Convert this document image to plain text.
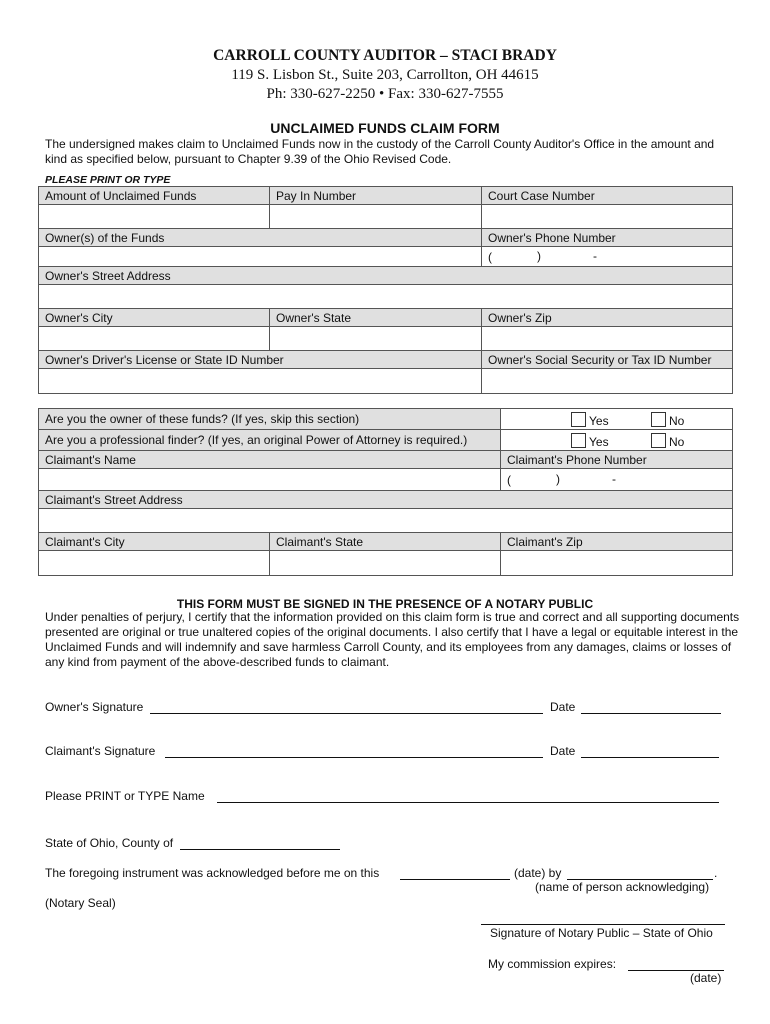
CARROLL COUNTY AUDITOR – STACI BRADY
119 S. Lisbon St., Suite 203, Carrollton, OH 44615
Ph: 330-627-2250 • Fax: 330-627-7555
UNCLAIMED FUNDS CLAIM FORM
The undersigned makes claim to Unclaimed Funds now in the custody of the Carroll County Auditor's Office in the amount and kind as specified below, pursuant to Chapter 9.39 of the Ohio Revised Code.
PLEASE PRINT OR TYPE
Amount of Unclaimed Funds	Pay In Number	Court Case Number

Owner(s) of the Funds		Owner's Phone Number
		( ) -

Owner's Street Address		

Owner's City	Owner's State	Owner's Zip

Owner's Driver's License or State ID Number		Owner's Social Security or Tax ID Number

Are you the owner of these funds? (If yes, skip this section)		Yes No

Are you a professional finder? (If yes, an original Power of Attorney is required.)		Yes No

Claimant's Name		Claimant's Phone Number
		( ) -

Claimant's Street Address		

Claimant's City	Claimant's State	Claimant's Zip

THIS FORM MUST BE SIGNED IN THE PRESENCE OF A NOTARY PUBLIC
Under penalties of perjury, I certify that the information provided on this claim form is true and correct and all supporting documents presented are original or true unaltered copies of the original documents. I also certify that I have a legal or equitable interest in the Unclaimed Funds and will indemnify and save harmless Carroll County, and its employees from any damages, claims or losses of any kind from payment of the above-described funds to claimant.
Owner's Signature	Date
Claimant's Signature	Date
Please PRINT or TYPE Name
State of Ohio, County of
The foregoing instrument was acknowledged before me on this	(date) by	.
(name of person acknowledging)
(Notary Seal)
Signature of Notary Public – State of Ohio
My commission expires:
(date)
